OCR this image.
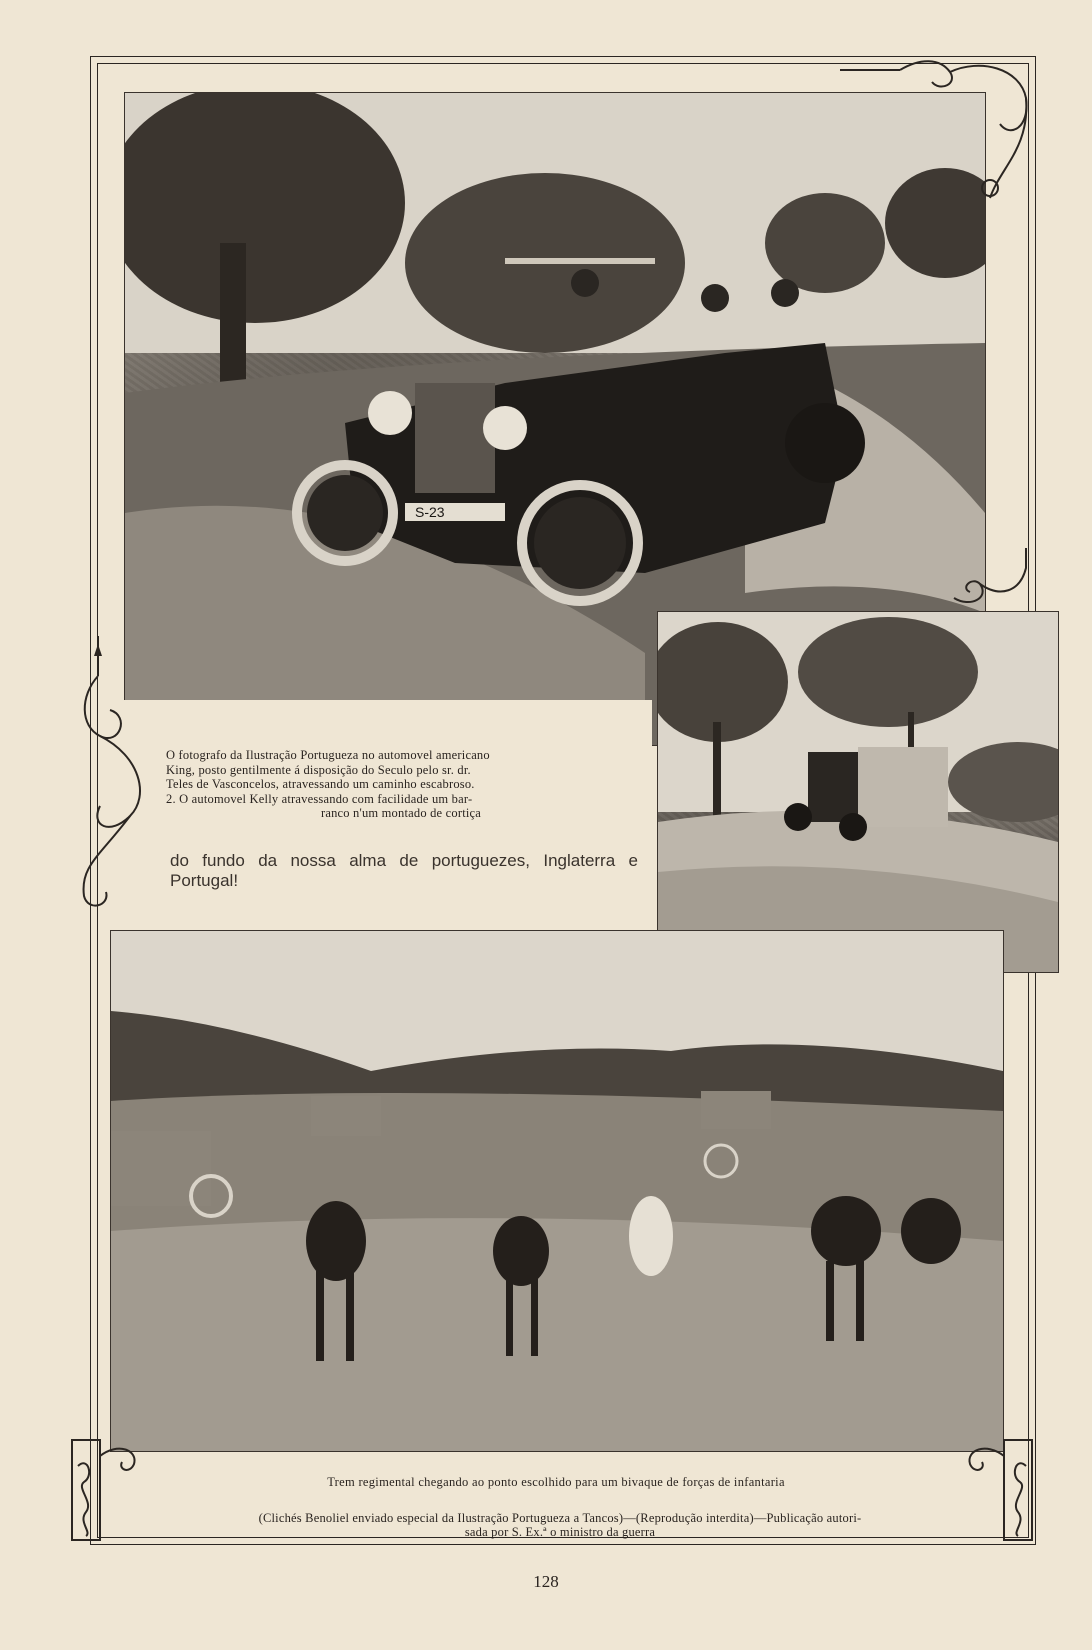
S-23
O fotografo da Ilustração Portugueza no automovel americano
King, posto gentilmente á disposição do Seculo pelo sr. dr.
Teles de Vasconcelos, atravessando um caminho escabroso.
2. O automovel Kelly atravessando com facilidade um bar-
ranco n'um montado de cortiça
do fundo da nossa alma de portuguezes, Inglaterra e Portugal!
Trem regimental chegando ao ponto escolhido para um bivaque de forças de infantaria
(Clichés Benoliel enviado especial da Ilustração Portugueza a Tancos)—(Reprodução interdita)—Publicação autori-
sada por S. Ex.ª o ministro da guerra
128
